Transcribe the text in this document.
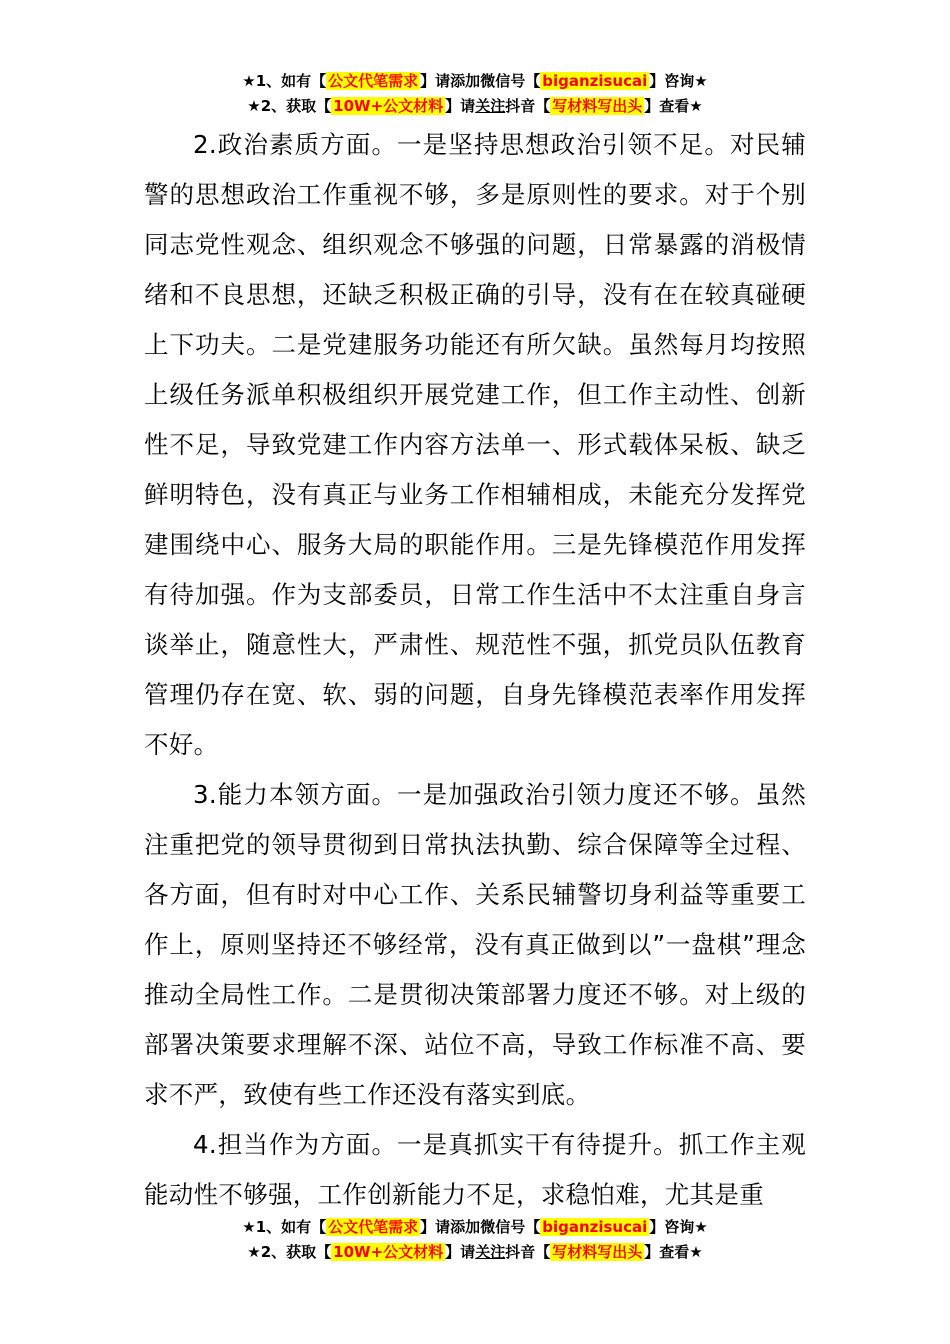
★1、如有【 公文代笔需求 】请添加微信号【 biganzisucai 】咨询★
★2、获取【 10W+公文材料 】请关注抖音【 写材料写出头 】查看★

2.政治素质方面。一是坚持思想政治引领不足。对民辅警的思想政治工作重视不够，多是原则性的要求。对于个别同志党性观念、组织观念不够强的问题，日常暴露的消极情绪和不良思想，还缺乏积极正确的引导，没有在在较真碰硬上下功夫。二是党建服务功能还有所欠缺。虽然每月均按照上级任务派单积极组织开展党建工作，但工作主动性、创新性不足，导致党建工作内容方法单一、形式载体呆板、缺乏鲜明特色，没有真正与业务工作相辅相成，未能充分发挥党建围绕中心、服务大局的职能作用。三是先锋模范作用发挥有待加强。作为支部委员，日常工作生活中不太注重自身言谈举止，随意性大，严肃性、规范性不强，抓党员队伍教育管理仍存在宽、软、弱的问题，自身先锋模范表率作用发挥不好。

3.能力本领方面。一是加强政治引领力度还不够。虽然注重把党的领导贯彻到日常执法执勤、综合保障等全过程、各方面，但有时对中心工作、关系民辅警切身利益等重要工作上，原则坚持还不够经常，没有真正做到以”一盘棋”理念推动全局性工作。二是贯彻决策部署力度还不够。对上级的部署决策要求理解不深、站位不高，导致工作标准不高、要求不严，致使有些工作还没有落实到底。

4.担当作为方面。一是真抓实干有待提升。抓工作主观能动性不够强，工作创新能力不足，求稳怕难，尤其是重

★1、如有【 公文代笔需求 】请添加微信号【 biganzisucai 】咨询★
★2、获取【 10W+公文材料 】请关注抖音【 写材料写出头 】查看★
